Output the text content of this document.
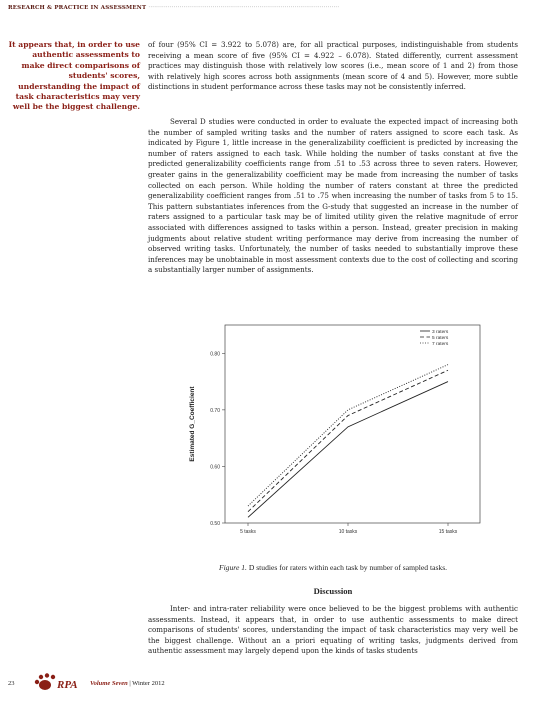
RESEARCH & PRACTICE IN ASSESSMENT ··································································································
It appears that, in order to use authentic assessments to make direct comparisons of students' scores, understanding the impact of task characteristics may very well be the biggest challenge.

of four (95% CI = 3.922 to 5.078) are, for all practical purposes, indistinguishable from students receiving a mean score of five (95% CI = 4.922 – 6.078). Stated differently, current assessment practices may distinguish those with relatively low scores (i.e., mean score of 1 and 2) from those with relatively high scores across both assignments (mean score of 4 and 5). However, more subtle distinctions in student performance across these tasks may not be consistently inferred.

Several D studies were conducted in order to evaluate the expected impact of increasing both the number of sampled writing tasks and the number of raters assigned to score each task. As indicated by Figure 1, little increase in the generalizability coefficient is predicted by increasing the number of raters assigned to each task. While holding the number of tasks constant at five the predicted generalizability coefficients range from .51 to .53 across three to seven raters. However, greater gains in the generalizability coefficient may be made from increasing the number of tasks collected on each person. While holding the number of raters constant at three the predicted generalizability coefficient ranges from .51 to .75 when increasing the number of tasks from 5 to 15. This pattern substantiates inferences from the G-study that suggested an increase in the number of raters assigned to a particular task may be of limited utility given the relative magnitude of error associated with differences assigned to tasks within a person. Instead, greater precision in making judgments about relative student writing performance may derive from increasing the number of observed writing tasks. Unfortunately, the number of tasks needed to substantially improve these inferences may be unobtainable in most assessment contexts due to the cost of collecting and scoring a substantially larger number of assignments.

0.50
0.60
0.70
0.80
5 tasks	10 tasks	15 tasks
Estimated G_Coefficient
3 raters
5 raters
7 raters
Figure 1. D studies for raters within each task by number of sampled tasks.
Discussion

Inter- and intra-rater reliability were once believed to be the biggest problems with authentic assessments. Instead, it appears that, in order to use authentic assessments to make direct comparisons of students' scores, understanding the impact of task characteristics may very well be the biggest challenge. Without an a priori equating of writing tasks, judgments derived from authentic assessment may largely depend upon the kinds of tasks students

23	RPA Volume Seven | Winter 2012
